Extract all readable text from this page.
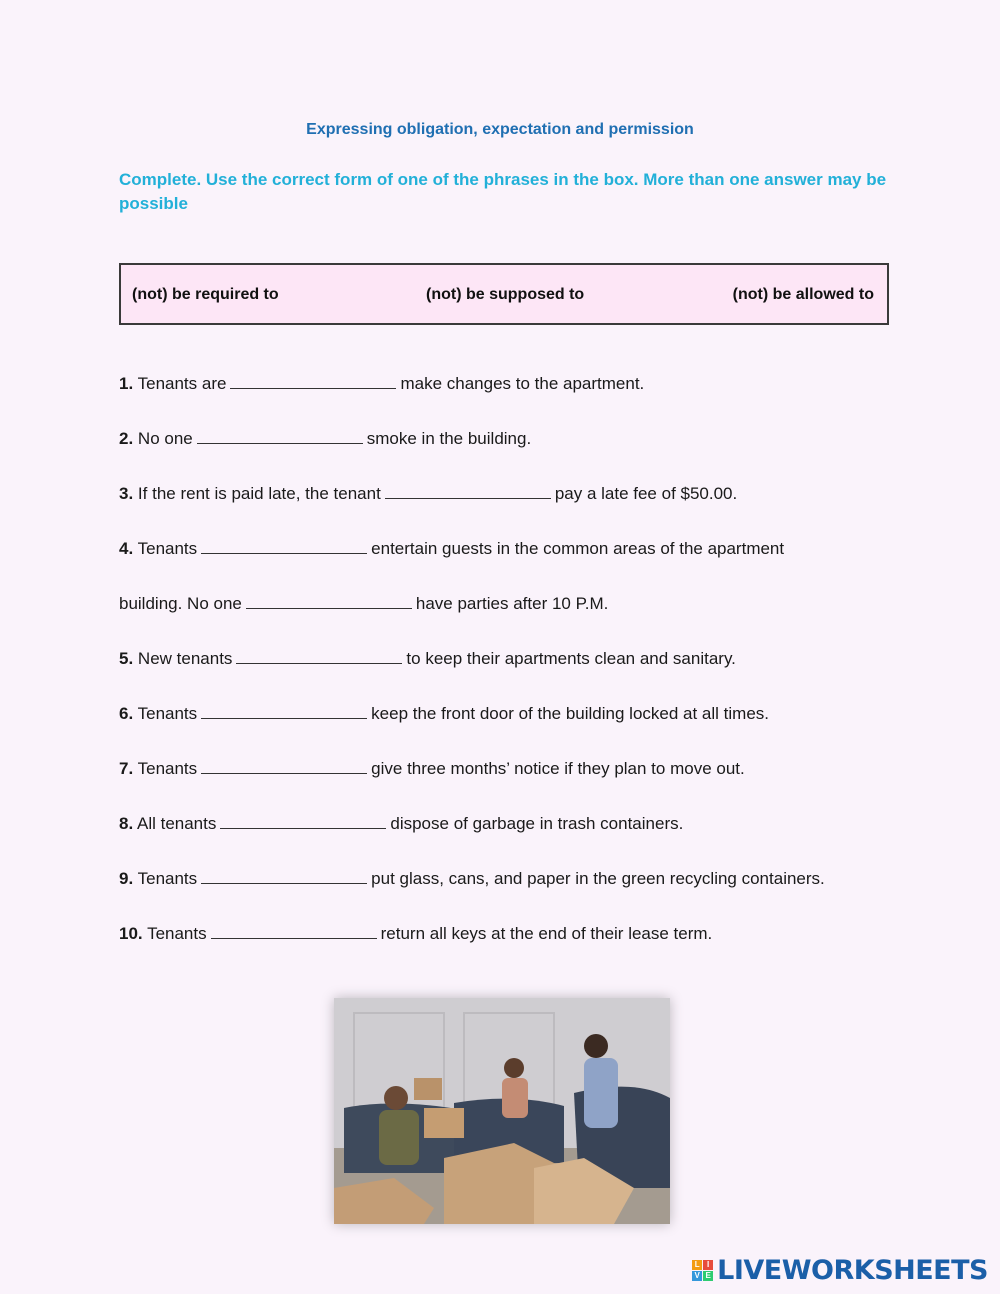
Expressing obligation, expectation and permission
Complete. Use the correct form of one of the phrases in the box. More than one answer may be possible
(not) be required to	(not) be supposed to	(not) be allowed to
1. Tenants are	make changes to the apartment.
2. No one	smoke in the building.
3. If the rent is paid late, the tenant	pay a late fee of $50.00.
4. Tenants	entertain guests in the common areas of the apartment
building. No one	have parties after 10 P.M.
5. New tenants	to keep their apartments clean and sanitary.
6. Tenants	keep the front door of the building locked at all times.
7. Tenants	give three months’ notice if they plan to move out.
8. All tenants	dispose of garbage in trash containers.
9. Tenants	put glass, cans, and paper in the green recycling containers.
10. Tenants	return all keys at the end of their lease term.
L I
V E LIVEWORKSHEETS
